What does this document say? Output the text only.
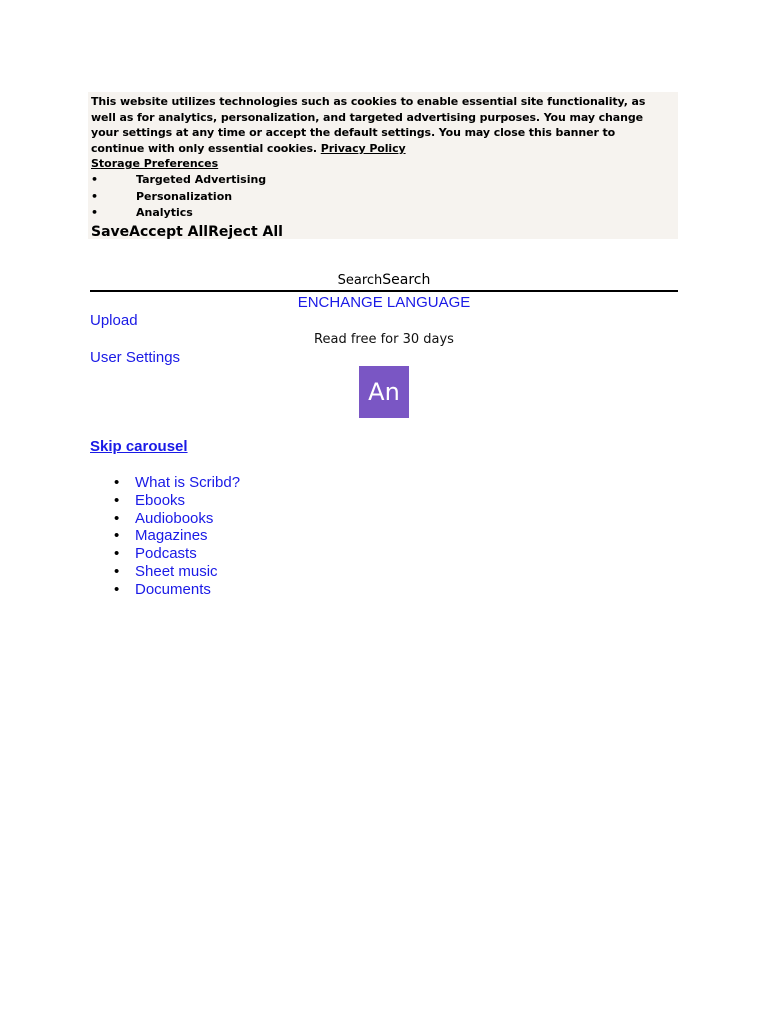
This website utilizes technologies such as cookies to enable essential site functionality, as well as for analytics, personalization, and targeted advertising purposes. You may change your settings at any time or accept the default settings. You may close this banner to continue with only essential cookies. Privacy Policy

Storage Preferences

•	Targeted Advertising
•	Personalization
•	Analytics
SaveAccept AllReject All
SearchSearch
ENCHANGE LANGUAGE
Upload
Read free for 30 days
User Settings
An
Skip carousel
• What is Scribd?
• Ebooks
• Audiobooks
• Magazines
• Podcasts
• Sheet music
• Documents
